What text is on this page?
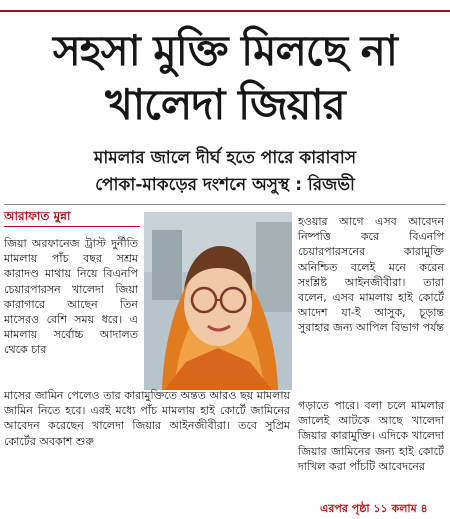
সহসা মুক্তি মিলছে না
খালেদা জিয়ার
মামলার জালে দীর্ঘ হতে পারে কারাবাস
পোকা-মাকড়ের দংশনে অসুস্থ : রিজভী
আরাফাত মুন্না

জিয়া অরফানেজ ট্রাস্ট দুর্নীতি মামলায় পাঁচ বছর সশ্রম কারাদণ্ড মাথায় নিয়ে বিএনপি চেয়ারপারসন খালেদা জিয়া কারাগারে আছেন তিন মাসেরও বেশি সময় ধরে। এ মামলায় সর্বোচ্চ আদালত থেকে চার

হওয়ার আগে এসব আবেদন নিষ্পত্তি করে বিএনপি চেয়ারপারসনের কারামুক্তি অনিশ্চিত বলেই মনে করেন সংশ্লিষ্ট আইনজীবীরা। তারা বলেন, এসব মামলায় হাই কোর্টে আদেশ যা-ই আসুক, চূড়ান্ত সুরাহার জন্য আপিল বিভাগ পর্যন্ত

মাসের জামিন পেলেও তার কারামুক্তিতে অন্তত আরও ছয় মামলায় জামিন নিতে হবে। এরই মধ্যে পাঁচ মামলায় হাই কোর্টে জামিনের আবেদন করেছেন খালেদা জিয়ার আইনজীবীরা। তবে সুপ্রিম কোর্টের অবকাশ শুরু

গড়াতে পারে। বলা চলে মামলার জালেই আটকে আছে খালেদা জিয়ার কারামুক্তি। এদিকে খালেদা জিয়ার জামিনের জন্য হাই কোর্টে দাখিল করা পাঁচটি আবেদনের

এরপর পৃষ্ঠা ১১ কলাম ৪
